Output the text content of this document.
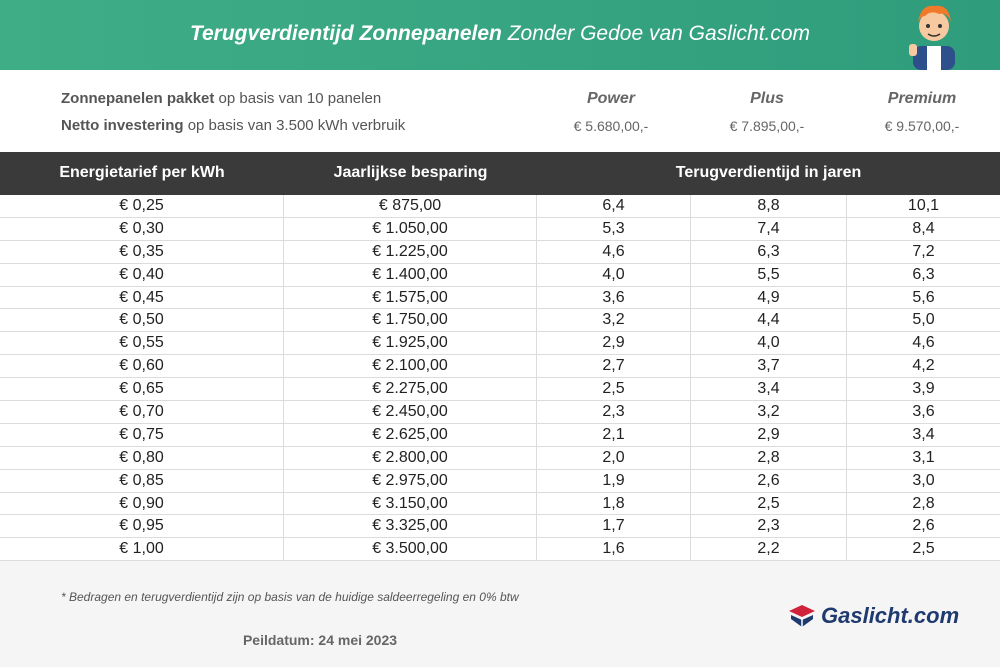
Terugverdientijd Zonnepanelen Zonder Gedoe van Gaslicht.com
Zonnepanelen pakket op basis van 10 panelen
Netto investering op basis van 3.500 kWh verbruik
Power	Plus	Premium
€ 5.680,00,-	€ 7.895,00,-	€ 9.570,00,-
Energietarief per kWh	Jaarlijkse besparing	Terugverdientijd in jaren
€ 0,25	€ 875,00	6,4	8,8	10,1
€ 0,30	€ 1.050,00	5,3	7,4	8,4
€ 0,35	€ 1.225,00	4,6	6,3	7,2
€ 0,40	€ 1.400,00	4,0	5,5	6,3
€ 0,45	€ 1.575,00	3,6	4,9	5,6
€ 0,50	€ 1.750,00	3,2	4,4	5,0
€ 0,55	€ 1.925,00	2,9	4,0	4,6
€ 0,60	€ 2.100,00	2,7	3,7	4,2
€ 0,65	€ 2.275,00	2,5	3,4	3,9
€ 0,70	€ 2.450,00	2,3	3,2	3,6
€ 0,75	€ 2.625,00	2,1	2,9	3,4
€ 0,80	€ 2.800,00	2,0	2,8	3,1
€ 0,85	€ 2.975,00	1,9	2,6	3,0
€ 0,90	€ 3.150,00	1,8	2,5	2,8
€ 0,95	€ 3.325,00	1,7	2,3	2,6
€ 1,00	€ 3.500,00	1,6	2,2	2,5
* Bedragen en terugverdientijd zijn op basis van de huidige saldeerregeling en 0% btw
Gaslicht.com
Peildatum: 24 mei 2023
